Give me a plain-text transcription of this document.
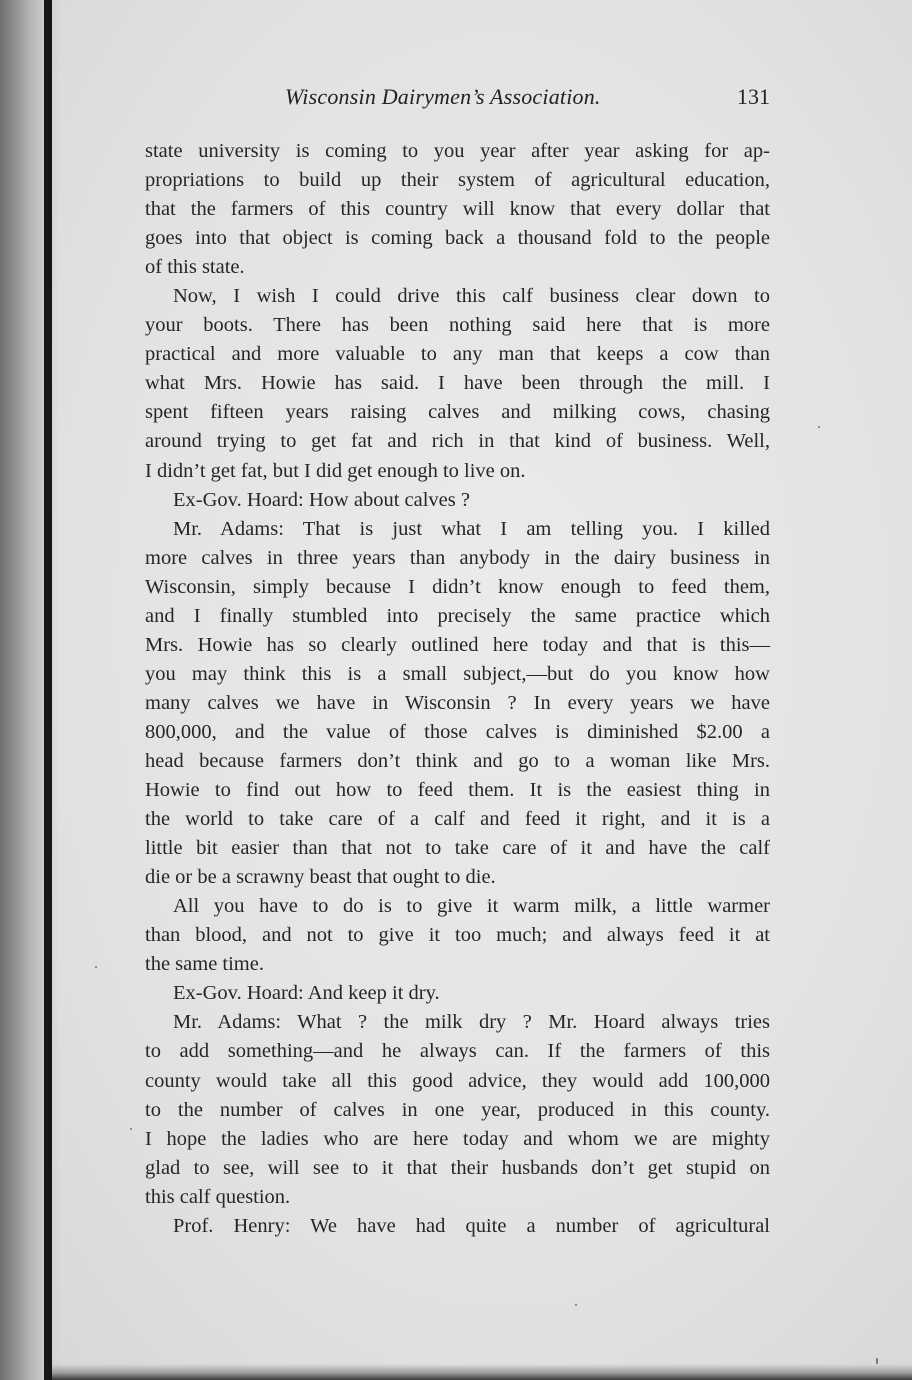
Wisconsin Dairymen’s Association.	131
state university is coming to you year after year asking for ap-
propriations to build up their system of agricultural education,
that the farmers of this country will know that every dollar that
goes into that object is coming back a thousand fold to the people
of this state.
Now, I wish I could drive this calf business clear down to
your boots. There has been nothing said here that is more
practical and more valuable to any man that keeps a cow than
what Mrs. Howie has said. I have been through the mill. I
spent fifteen years raising calves and milking cows, chasing
around trying to get fat and rich in that kind of business. Well,
I didn’t get fat, but I did get enough to live on.
Ex-Gov. Hoard: How about calves ?
Mr. Adams: That is just what I am telling you. I killed
more calves in three years than anybody in the dairy business in
Wisconsin, simply because I didn’t know enough to feed them,
and I finally stumbled into precisely the same practice which
Mrs. Howie has so clearly outlined here today and that is this—
you may think this is a small subject,—but do you know how
many calves we have in Wisconsin ? In every years we have
800,000, and the value of those calves is diminished $2.00 a
head because farmers don’t think and go to a woman like Mrs.
Howie to find out how to feed them. It is the easiest thing in
the world to take care of a calf and feed it right, and it is a
little bit easier than that not to take care of it and have the calf
die or be a scrawny beast that ought to die.
All you have to do is to give it warm milk, a little warmer
than blood, and not to give it too much; and always feed it at
the same time.
Ex-Gov. Hoard: And keep it dry.
Mr. Adams: What ? the milk dry ? Mr. Hoard always tries
to add something—and he always can. If the farmers of this
county would take all this good advice, they would add 100,000
to the number of calves in one year, produced in this county.
I hope the ladies who are here today and whom we are mighty
glad to see, will see to it that their husbands don’t get stupid on
this calf question.
Prof. Henry: We have had quite a number of agricultural
